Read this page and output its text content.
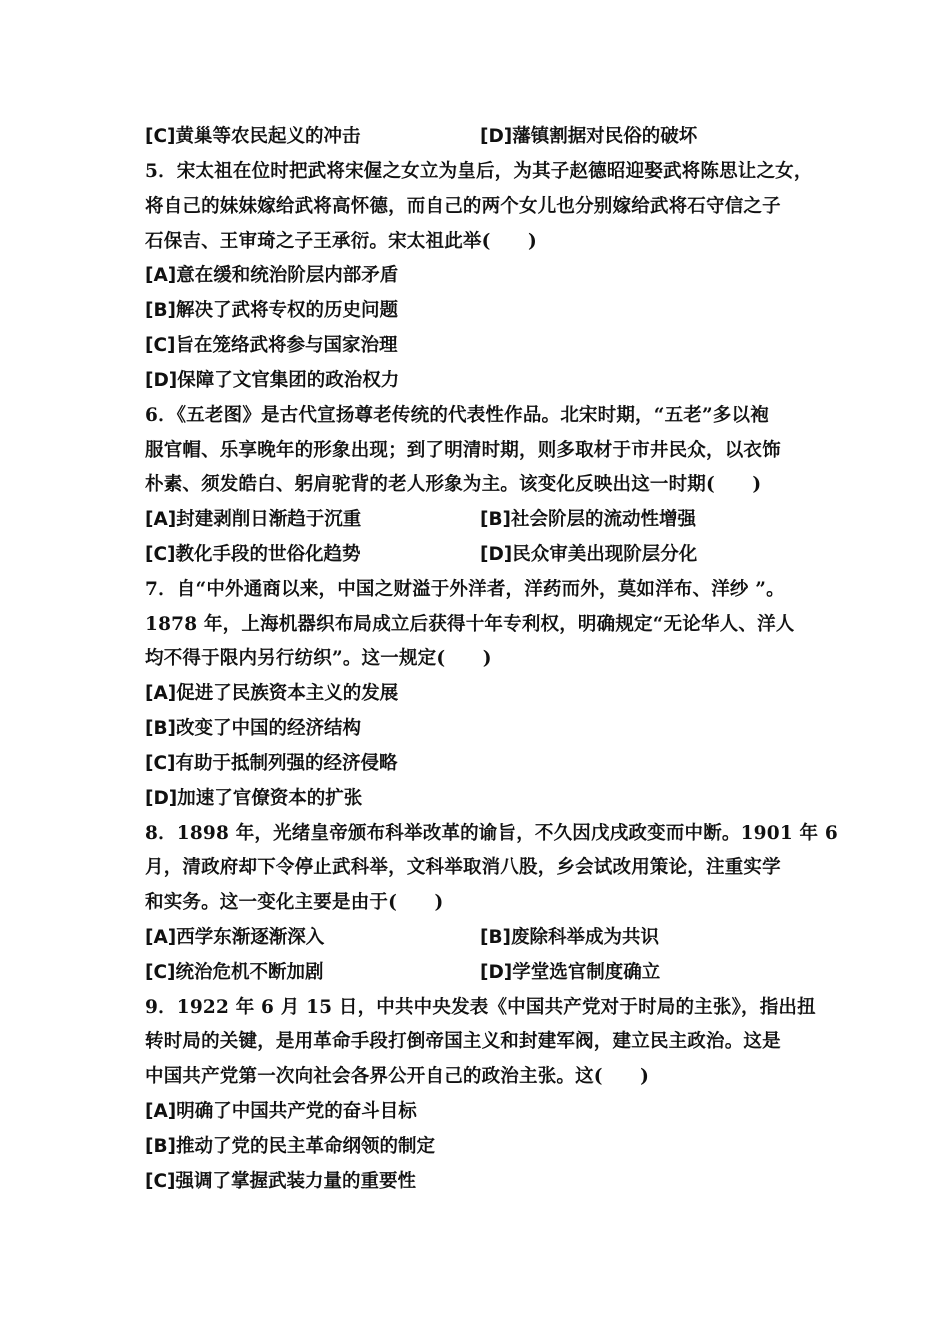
[C]黄巢等农民起义的冲击	[D]藩镇割据对民俗的破坏
5．宋太祖在位时把武将宋偓之女立为皇后，为其子赵德昭迎娶武将陈思让之女，
将自己的妹妹嫁给武将高怀德，而自己的两个女儿也分别嫁给武将石守信之子
石保吉、王审琦之子王承衍。宋太祖此举(　　)
[A]意在缓和统治阶层内部矛盾
[B]解决了武将专权的历史问题
[C]旨在笼络武将参与国家治理
[D]保障了文官集团的政治权力
6．《五老图》是古代宣扬尊老传统的代表性作品。北宋时期，“五老”多以袍
服官帽、乐享晚年的形象出现；到了明清时期，则多取材于市井民众，以衣饰
朴素、须发皓白、躬肩驼背的老人形象为主。该变化反映出这一时期(　　)
[A]封建剥削日渐趋于沉重	[B]社会阶层的流动性增强
[C]教化手段的世俗化趋势	[D]民众审美出现阶层分化
7．自“中外通商以来，中国之财溢于外洋者，洋药而外，莫如洋布、洋纱 ”。
1878 年，上海机器织布局成立后获得十年专利权，明确规定“无论华人、洋人
均不得于限内另行纺织”。这一规定(　　)
[A]促进了民族资本主义的发展
[B]改变了中国的经济结构
[C]有助于抵制列强的经济侵略
[D]加速了官僚资本的扩张
8．1898 年，光绪皇帝颁布科举改革的谕旨，不久因戊戌政变而中断。1901 年 6
月，清政府却下令停止武科举，文科举取消八股，乡会试改用策论，注重实学
和实务。这一变化主要是由于(　　)
[A]西学东渐逐渐深入	[B]废除科举成为共识
[C]统治危机不断加剧	[D]学堂选官制度确立
9．1922 年 6 月 15 日，中共中央发表《中国共产党对于时局的主张》，指出扭
转时局的关键，是用革命手段打倒帝国主义和封建军阀，建立民主政治。这是
中国共产党第一次向社会各界公开自己的政治主张。这(　　)
[A]明确了中国共产党的奋斗目标
[B]推动了党的民主革命纲领的制定
[C]强调了掌握武装力量的重要性
